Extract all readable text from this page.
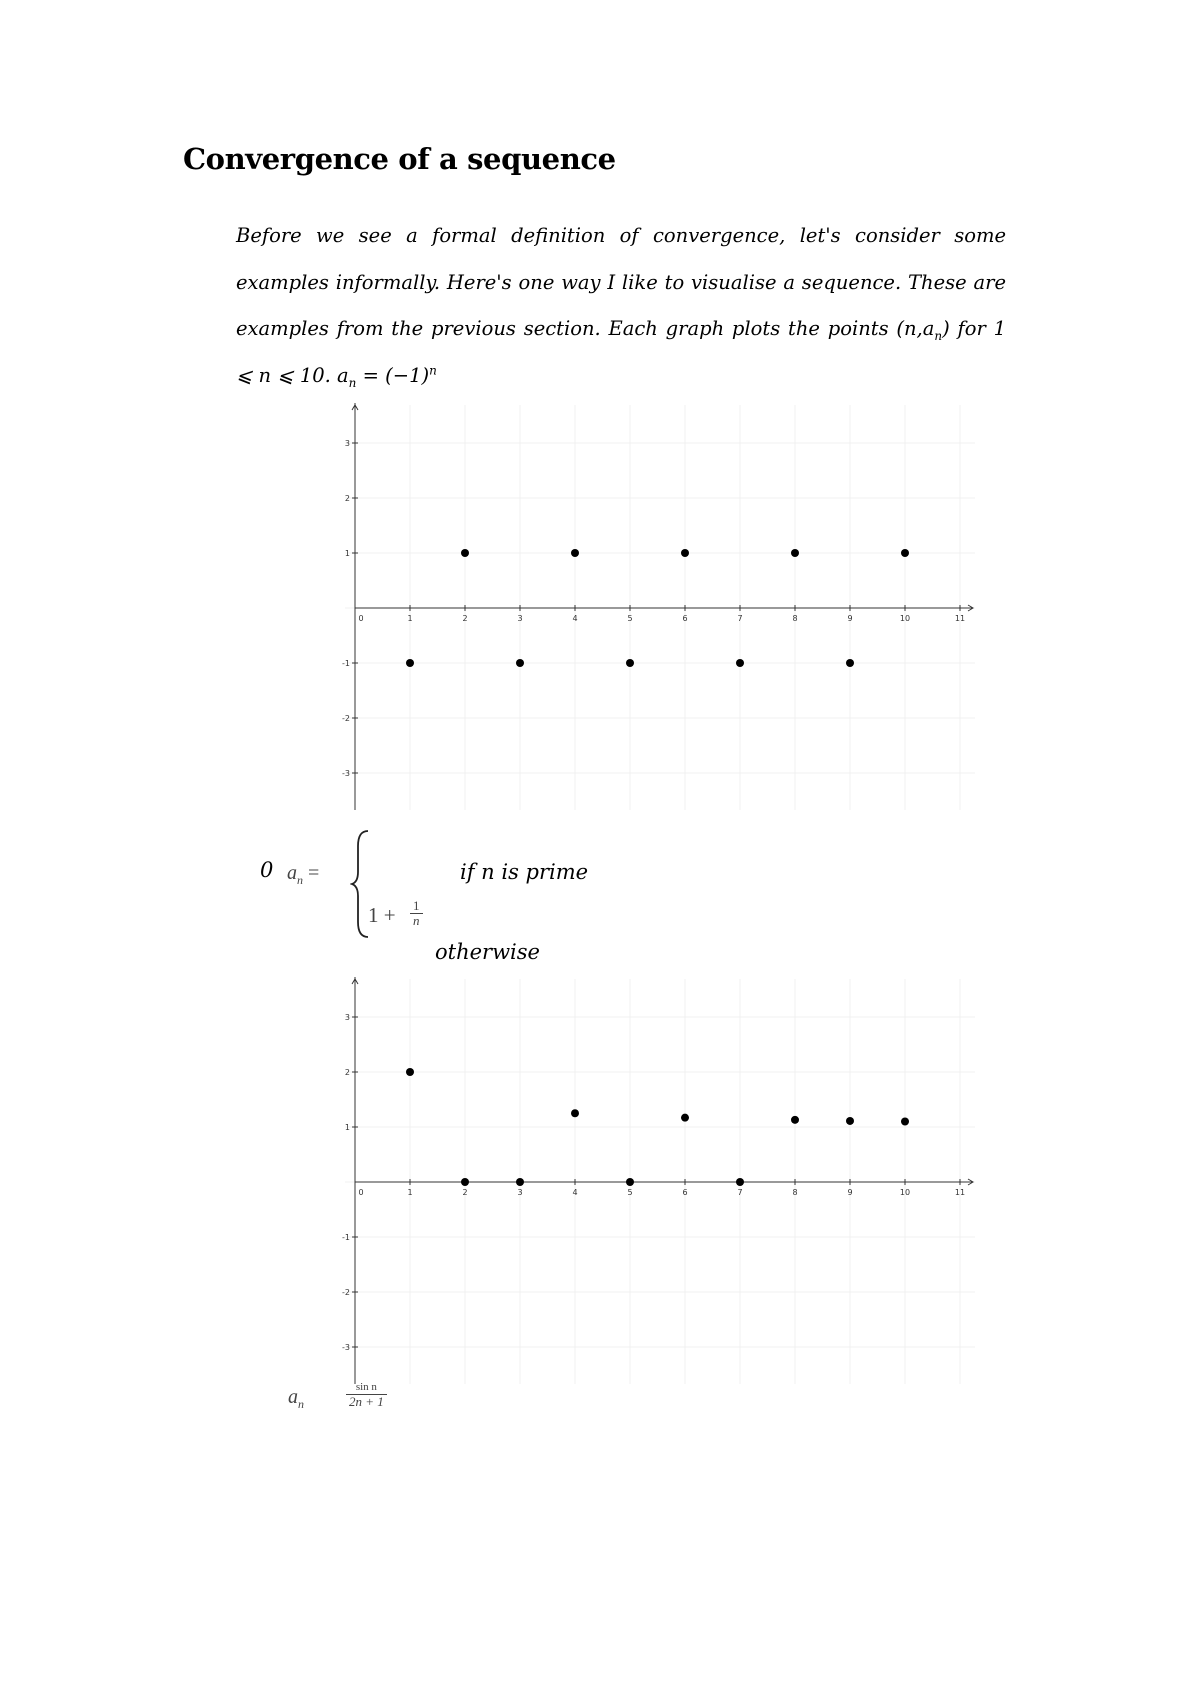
Convergence of a sequence
Before we see a formal definition of convergence, let's consider some examples informally. Here's one way I like to visualise a sequence. These are examples from the previous section. Each graph plots the points $(n,a_n)$ for 1 ⩽ n ⩽ 10. $a_n = (-1)^n$
0	1	2	3	4	5	6	7	8	9	10	11
3
2
1
-1
-2
-3
0 $a_n$ =	if n is prime
$1 + \frac{1}{n}$
otherwise
0	1	2	3	4	5	6	7	8	9	10	11
3
2
1
-1
-2
-3
$a_n$
sin n
2n + 1
